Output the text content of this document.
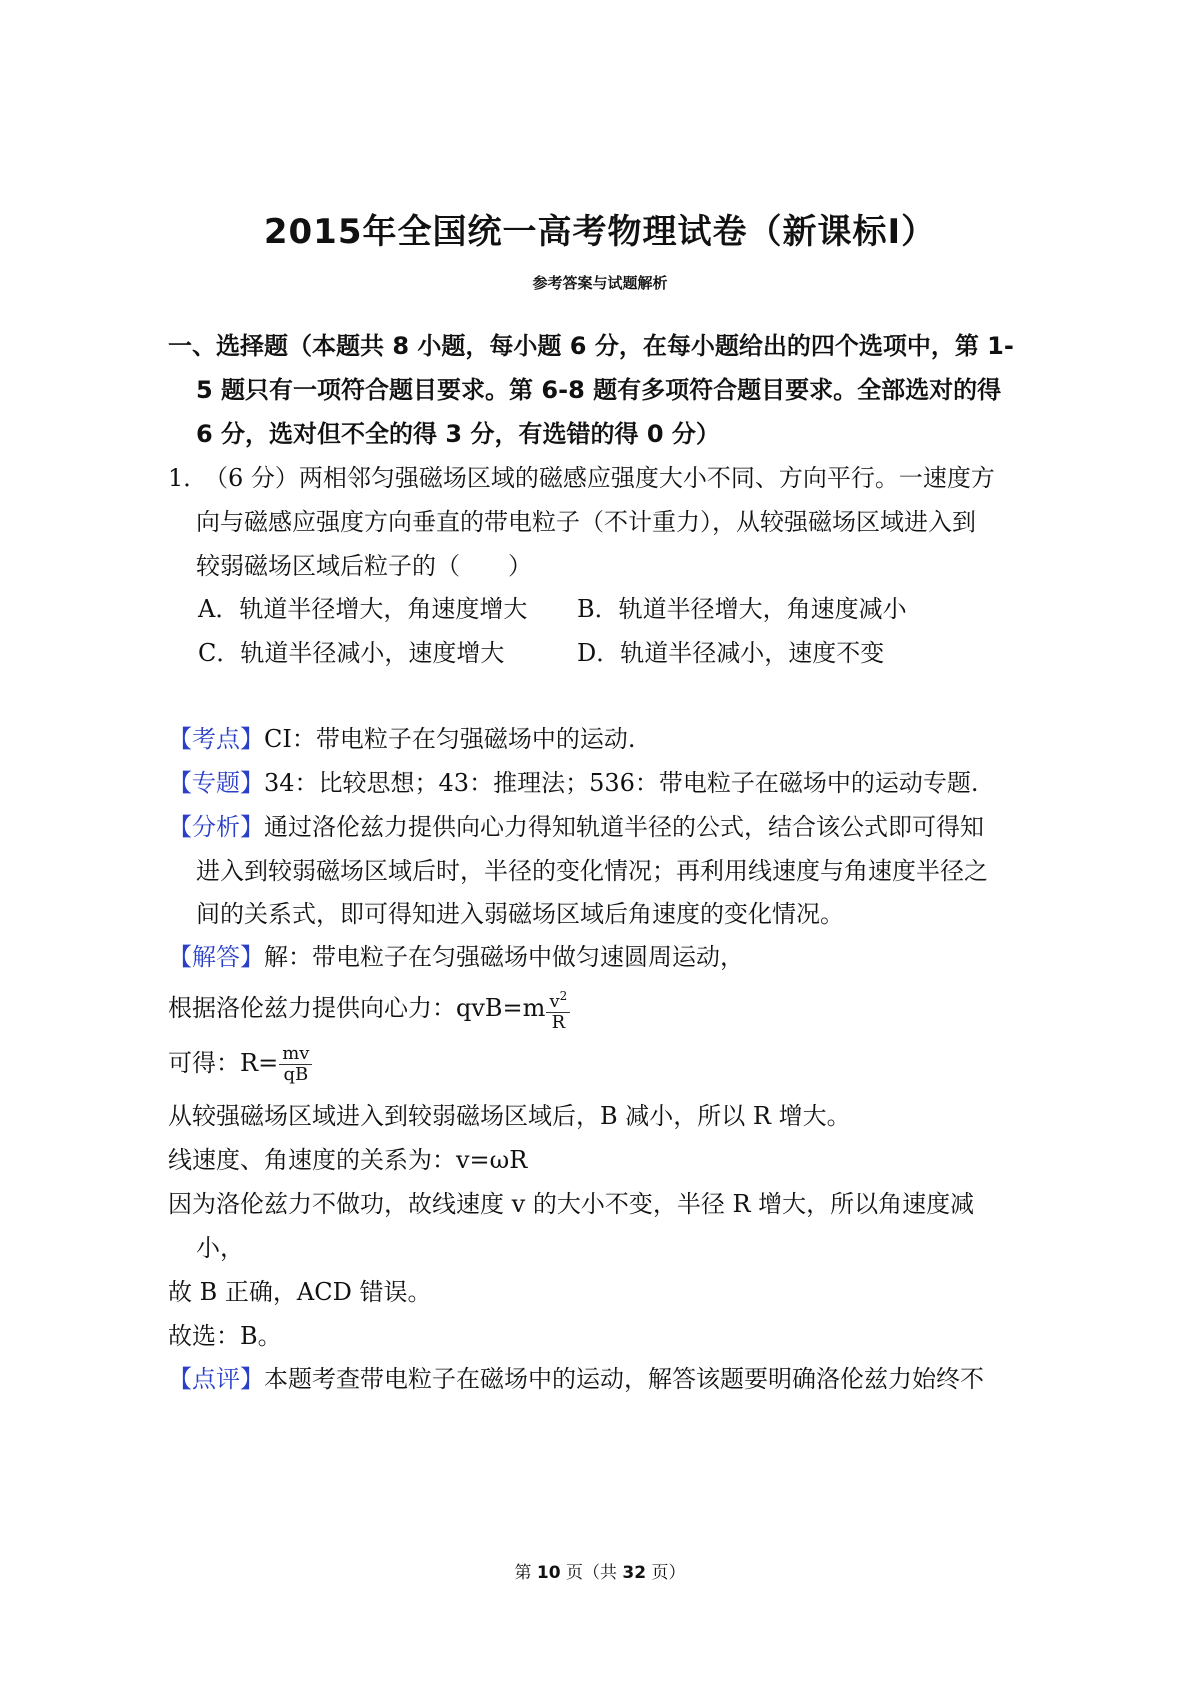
2015年全国统一高考物理试卷（新课标Ⅰ）
参考答案与试题解析
一、选择题（本题共 8 小题，每小题 6 分，在每小题给出的四个选项中，第 1-
5 题只有一项符合题目要求。第 6-8 题有多项符合题目要求。全部选对的得
6 分，选对但不全的得 3 分，有选错的得 0 分）
1．
（6 分）两相邻匀强磁场区域的磁感应强度大小不同、方向平行。一速度方
向与磁感应强度方向垂直的带电粒子（不计重力），从较强磁场区域进入到
较弱磁场区域后粒子的（　　）
A．轨道半径增大，角速度增大 B．轨道半径增大，角速度减小
C．轨道半径减小，速度增大	D．轨道半径减小，速度不变
【考点】CI：带电粒子在匀强磁场中的运动.
【专题】34：比较思想；43：推理法；536：带电粒子在磁场中的运动专题.
【分析】通过洛伦兹力提供向心力得知轨道半径的公式，结合该公式即可得知
进入到较弱磁场区域后时，半径的变化情况；再利用线速度与角速度半径之
间的关系式，即可得知进入弱磁场区域后角速度的变化情况。
【解答】解：带电粒子在匀强磁场中做匀速圆周运动，
根据洛伦兹力提供向心力：$qvB=m \frac{v^2}{R}$
可得：$R= \frac{mv}{qB}$
从较强磁场区域进入到较弱磁场区域后，B 减小，所以 R 增大。
线速度、角速度的关系为：v=ωR
因为洛伦兹力不做功，故线速度 v 的大小不变，半径 R 增大，所以角速度减
小，
故 B 正确，ACD 错误。
故选：B。
【点评】本题考查带电粒子在磁场中的运动，解答该题要明确洛伦兹力始终不
第 10 页（共 32 页）
